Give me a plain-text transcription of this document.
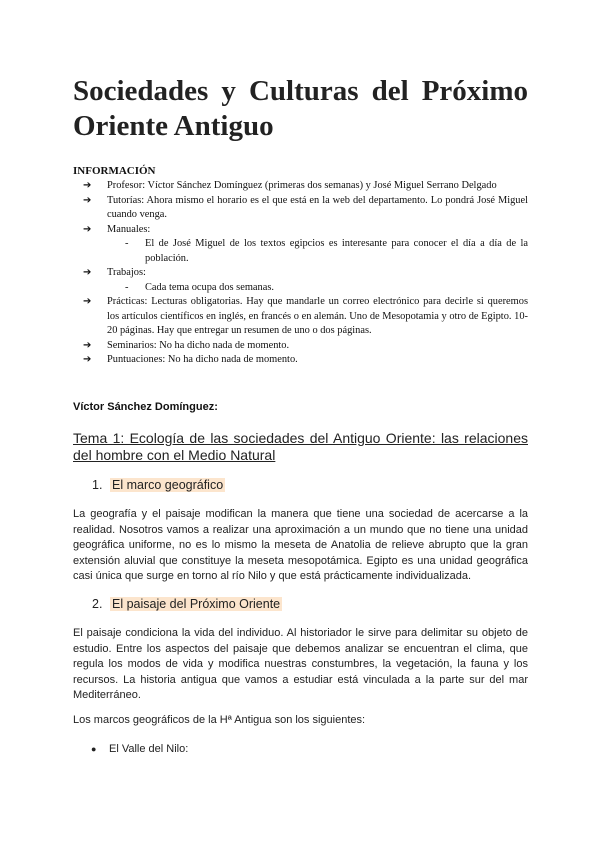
Sociedades y Culturas del Próximo Oriente Antiguo
INFORMACIÓN
➔	Profesor: Víctor Sánchez Domínguez (primeras dos semanas) y José Miguel Serrano Delgado
➔	Tutorías: Ahora mismo el horario es el que está en la web del departamento. Lo pondrá José Miguel cuando venga.
➔	Manuales:
-	El de José Miguel de los textos egipcios es interesante para conocer el día a día de la población.
➔	Trabajos:
-	Cada tema ocupa dos semanas.
➔	Prácticas: Lecturas obligatorias. Hay que mandarle un correo electrónico para decirle si queremos los artículos científicos en inglés, en francés o en alemán. Uno de Mesopotamia y otro de Egipto. 10-20 páginas. Hay que entregar un resumen de uno o dos páginas.
➔	Seminarios: No ha dicho nada de momento.
➔	Puntuaciones: No ha dicho nada de momento.
Víctor Sánchez Domínguez:
Tema 1: Ecología de las sociedades del Antiguo Oriente: las relaciones del hombre con el Medio Natural
1. El marco geográfico

La geografía y el paisaje modifican la manera que tiene una sociedad de acercarse a la realidad. Nosotros vamos a realizar una aproximación a un mundo que no tiene una unidad geográfica uniforme, no es lo mismo la meseta de Anatolia de relieve abrupto que la gran extensión aluvial que constituye la meseta mesopotámica. Egipto es una unidad geográfica casi única que surge en torno al río Nilo y que está prácticamente individualizada.

2. El paisaje del Próximo Oriente

El paisaje condiciona la vida del individuo. Al historiador le sirve para delimitar su objeto de estudio. Entre los aspectos del paisaje que debemos analizar se encuentran el clima, que regula los modos de vida y modifica nuestras constumbres, la vegetación, la fauna y los recursos. La historia antigua que vamos a estudiar está vinculada a la parte sur del mar Mediterráneo.

Los marcos geográficos de la Hª Antigua son los siguientes:

● El Valle del Nilo:
